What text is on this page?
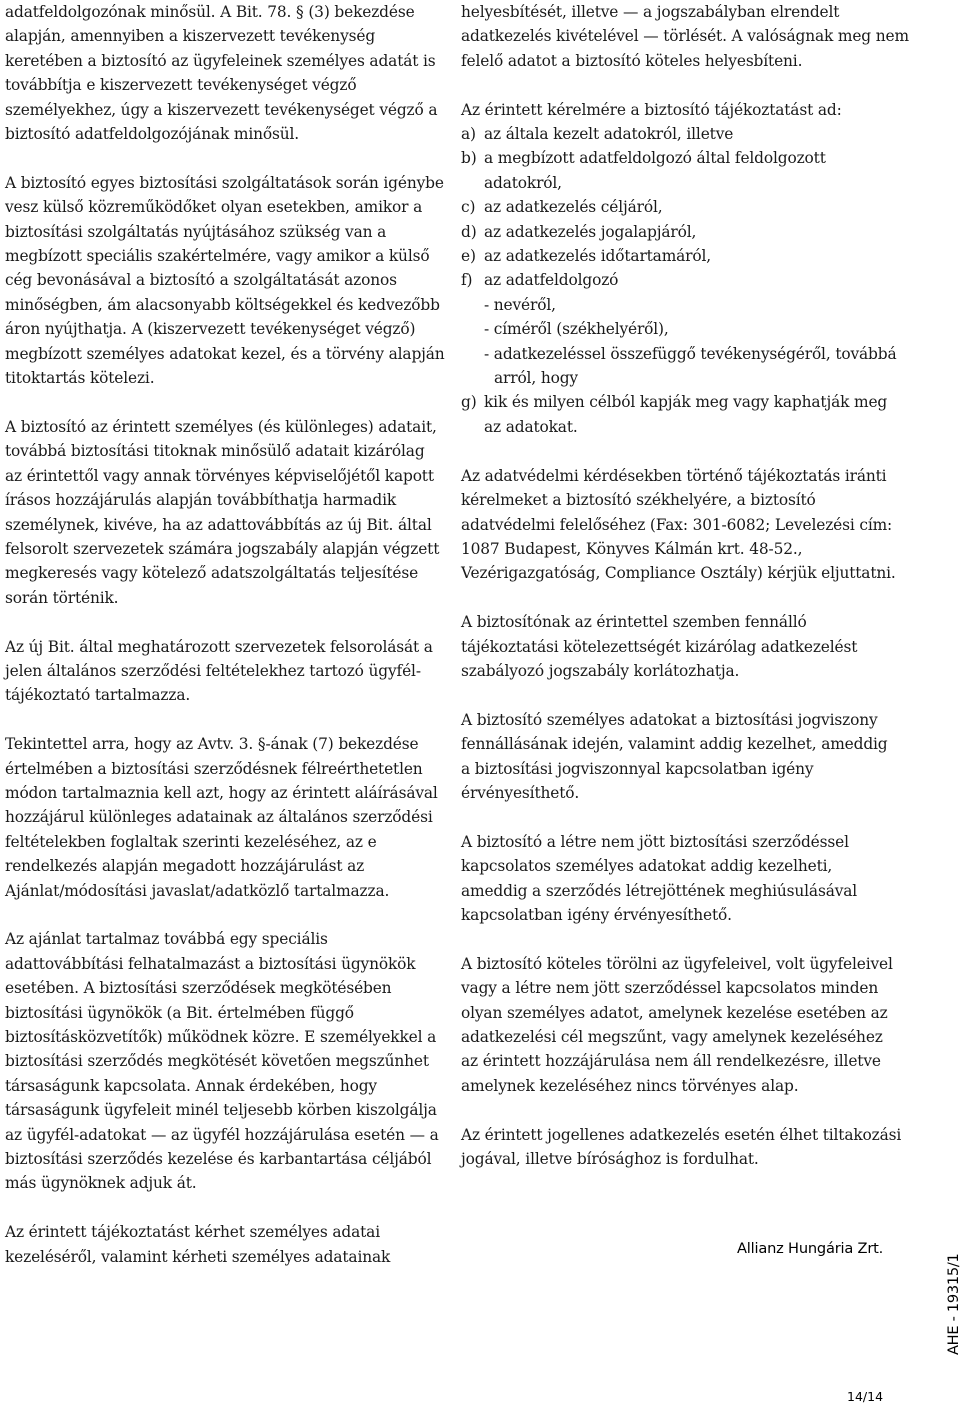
adatfeldolgozónak minősül. A Bit. 78. § (3) bekezdése
alapján, amennyiben a kiszervezett tevékenység
keretében a biztosító az ügyfeleinek személyes adatát is
továbbítja e kiszervezett tevékenységet végző
személyekhez, úgy a kiszervezett tevékenységet végző a
biztosító adatfeldolgozójának minősül.

A biztosító egyes biztosítási szolgáltatások során igénybe
vesz külső közreműködőket olyan esetekben, amikor a
biztosítási szolgáltatás nyújtásához szükség van a
megbízott speciális szakértelmére, vagy amikor a külső
cég bevonásával a biztosító a szolgáltatását azonos
minőségben, ám alacsonyabb költségekkel és kedvezőbb
áron nyújthatja. A (kiszervezett tevékenységet végző)
megbízott személyes adatokat kezel, és a törvény alapján
titoktartás kötelezi.

A biztosító az érintett személyes (és különleges) adatait,
továbbá biztosítási titoknak minősülő adatait kizárólag
az érintettől vagy annak törvényes képviselőjétől kapott
írásos hozzájárulás alapján továbbíthatja harmadik
személynek, kivéve, ha az adattovábbítás az új Bit. által
felsorolt szervezetek számára jogszabály alapján végzett
megkeresés vagy kötelező adatszolgáltatás teljesítése
során történik.

Az új Bit. által meghatározott szervezetek felsorolását a
jelen általános szerződési feltételekhez tartozó ügyfél-
tájékoztató tartalmazza.

Tekintettel arra, hogy az Avtv. 3. §-ának (7) bekezdése
értelmében a biztosítási szerződésnek félreérthetetlen
módon tartalmaznia kell azt, hogy az érintett aláírásával
hozzájárul különleges adatainak az általános szerződési
feltételekben foglaltak szerinti kezeléséhez, az e
rendelkezés alapján megadott hozzájárulást az
Ajánlat/módosítási javaslat/adatközlő tartalmazza.

Az ajánlat tartalmaz továbbá egy speciális
adattovábbítási felhatalmazást a biztosítási ügynökök
esetében. A biztosítási szerződések megkötésében
biztosítási ügynökök (a Bit. értelmében függő
biztosításközvetítők) működnek közre. E személyekkel a
biztosítási szerződés megkötését követően megszűnhet
társaságunk kapcsolata. Annak érdekében, hogy
társaságunk ügyfeleit minél teljesebb körben kiszolgálja
az ügyfél-adatokat — az ügyfél hozzájárulása esetén — a
biztosítási szerződés kezelése és karbantartása céljából
más ügynöknek adjuk át.

Az érintett tájékoztatást kérhet személyes adatai
kezeléséről, valamint kérheti személyes adatainak

helyesbítését, illetve — a jogszabályban elrendelt
adatkezelés kivételével — törlését. A valóságnak meg nem
felelő adatot a biztosító köteles helyesbíteni.

Az érintett kérelmére a biztosító tájékoztatást ad:
a) az általa kezelt adatokról, illetve
b) a megbízott adatfeldolgozó által feldolgozott
adatokról,
c) az adatkezelés céljáról,
d) az adatkezelés jogalapjáról,
e) az adatkezelés időtartamáról,
f) az adatfeldolgozó
- nevéről,
- címéről (székhelyéről),
- adatkezeléssel összefüggő tevékenységéről, továbbá
arról, hogy
g) kik és milyen célból kapják meg vagy kaphatják meg
az adatokat.

Az adatvédelmi kérdésekben történő tájékoztatás iránti
kérelmeket a biztosító székhelyére, a biztosító
adatvédelmi felelőséhez (Fax: 301-6082; Levelezési cím:
1087 Budapest, Könyves Kálmán krt. 48-52.,
Vezérigazgatóság, Compliance Osztály) kérjük eljuttatni.

A biztosítónak az érintettel szemben fennálló
tájékoztatási kötelezettségét kizárólag adatkezelést
szabályozó jogszabály korlátozhatja.

A biztosító személyes adatokat a biztosítási jogviszony
fennállásának idején, valamint addig kezelhet, ameddig
a biztosítási jogviszonnyal kapcsolatban igény
érvényesíthető.

A biztosító a létre nem jött biztosítási szerződéssel
kapcsolatos személyes adatokat addig kezelheti,
ameddig a szerződés létrejöttének meghiúsulásával
kapcsolatban igény érvényesíthető.

A biztosító köteles törölni az ügyfeleivel, volt ügyfeleivel
vagy a létre nem jött szerződéssel kapcsolatos minden
olyan személyes adatot, amelynek kezelése esetében az
adatkezelési cél megszűnt, vagy amelynek kezeléséhez
az érintett hozzájárulása nem áll rendelkezésre, illetve
amelynek kezeléséhez nincs törvényes alap.

Az érintett jogellenes adatkezelés esetén élhet tiltakozási
jogával, illetve bírósághoz is fordulhat.

Allianz Hungária Zrt.
AHE - 19315/1
14/14
